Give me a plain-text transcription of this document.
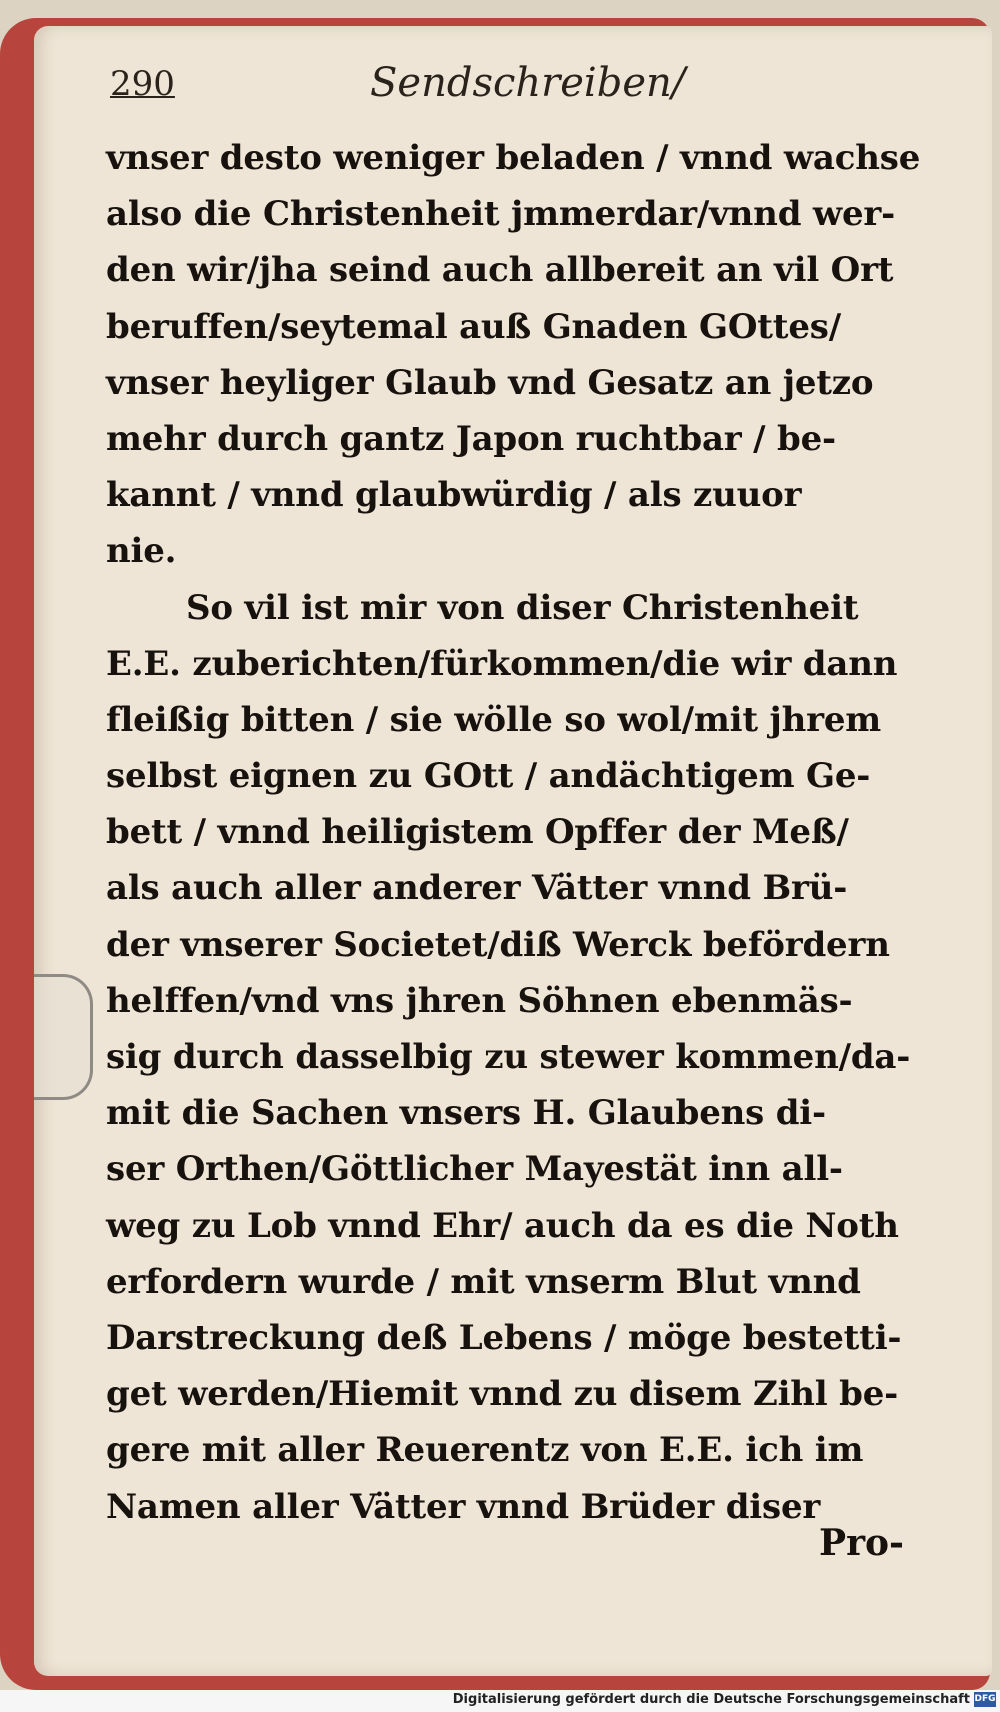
290	Sendschreiben/
vnser desto weniger beladen / vnnd wachse
also die Christenheit jmmerdar/vnnd wer-
den wir/jha seind auch allbereit an vil Ort
beruffen/seytemal auß Gnaden GOttes/
vnser heyliger Glaub vnd Gesatz an jetzo
mehr durch gantz Japon ruchtbar / be-
kannt / vnnd glaubwürdig / als zuuor
nie.
So vil ist mir von diser Christenheit
E.E. zuberichten/fürkommen/die wir dann
fleißig bitten / sie wölle so wol/mit jhrem
selbst eignen zu GOtt / andächtigem Ge-
bett / vnnd heiligistem Opffer der Meß/
als auch aller anderer Vätter vnnd Brü-
der vnserer Societet/diß Werck befördern
helffen/vnd vns jhren Söhnen ebenmäs-
sig durch dasselbig zu stewer kommen/da-
mit die Sachen vnsers H. Glaubens di-
ser Orthen/Göttlicher Mayestät inn all-
weg zu Lob vnnd Ehr/ auch da es die Noth
erfordern wurde / mit vnserm Blut vnnd
Darstreckung deß Lebens / möge bestetti-
get werden/Hiemit vnnd zu disem Zihl be-
gere mit aller Reuerentz von E.E. ich im
Namen aller Vätter vnnd Brüder diser
Pro-
Digitalisierung gefördert durch die Deutsche Forschungsgemeinschaft DFG
